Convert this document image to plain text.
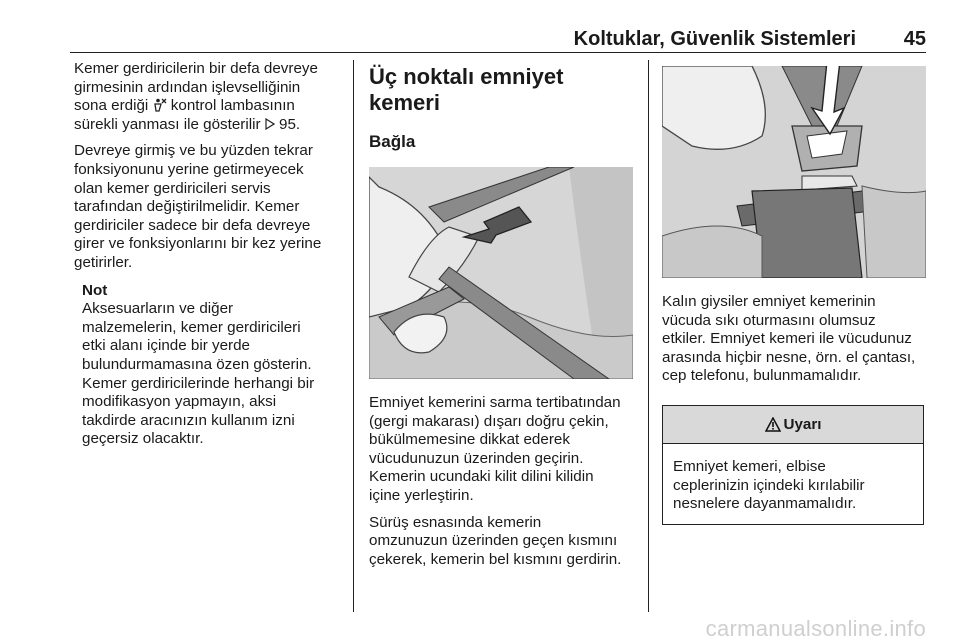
Koltuklar, Güvenlik Sistemleri 45

Kemer gerdiricilerin bir defa devreye
girmesinin ardından işlevselliğinin
sona erdiği kontrol lambasının
sürekli yanması ile gösterilir 95.

Devreye girmiş ve bu yüzden tekrar
fonksiyonunu yerine getirmeyecek
olan kemer gerdiricileri servis
tarafından değiştirilmelidir. Kemer
gerdiriciler sadece bir defa devreye
girer ve fonksiyonlarını bir kez yerine
getirirler.

Not

Aksesuarların ve diğer
malzemelerin, kemer gerdiricileri
etki alanı içinde bir yerde
bulundurmamasına özen gösterin.
Kemer gerdiricilerinde herhangi bir
modifikasyon yapmayın, aksi
takdirde aracınızın kullanım izni
geçersiz olacaktır.

Üç noktalı emniyet kemeri
Bağla

Emniyet kemerini sarma tertibatından
(gergi makarası) dışarı doğru çekin,
bükülmemesine dikkat ederek
vücudunuzun üzerinden geçirin.
Kemerin ucundaki kilit dilini kilidin
içine yerleştirin.

Sürüş esnasında kemerin
omzunuzun üzerinden geçen kısmını
çekerek, kemerin bel kısmını gerdirin.

Kalın giysiler emniyet kemerinin
vücuda sıkı oturmasını olumsuz
etkiler. Emniyet kemeri ile vücudunuz
arasında hiçbir nesne, örn. el çantası,
cep telefonu, bulunmamalıdır.

Uyarı

Emniyet kemeri, elbise
ceplerinizin içindeki kırılabilir
nesnelere dayanmamalıdır.

carmanualsonline.info
